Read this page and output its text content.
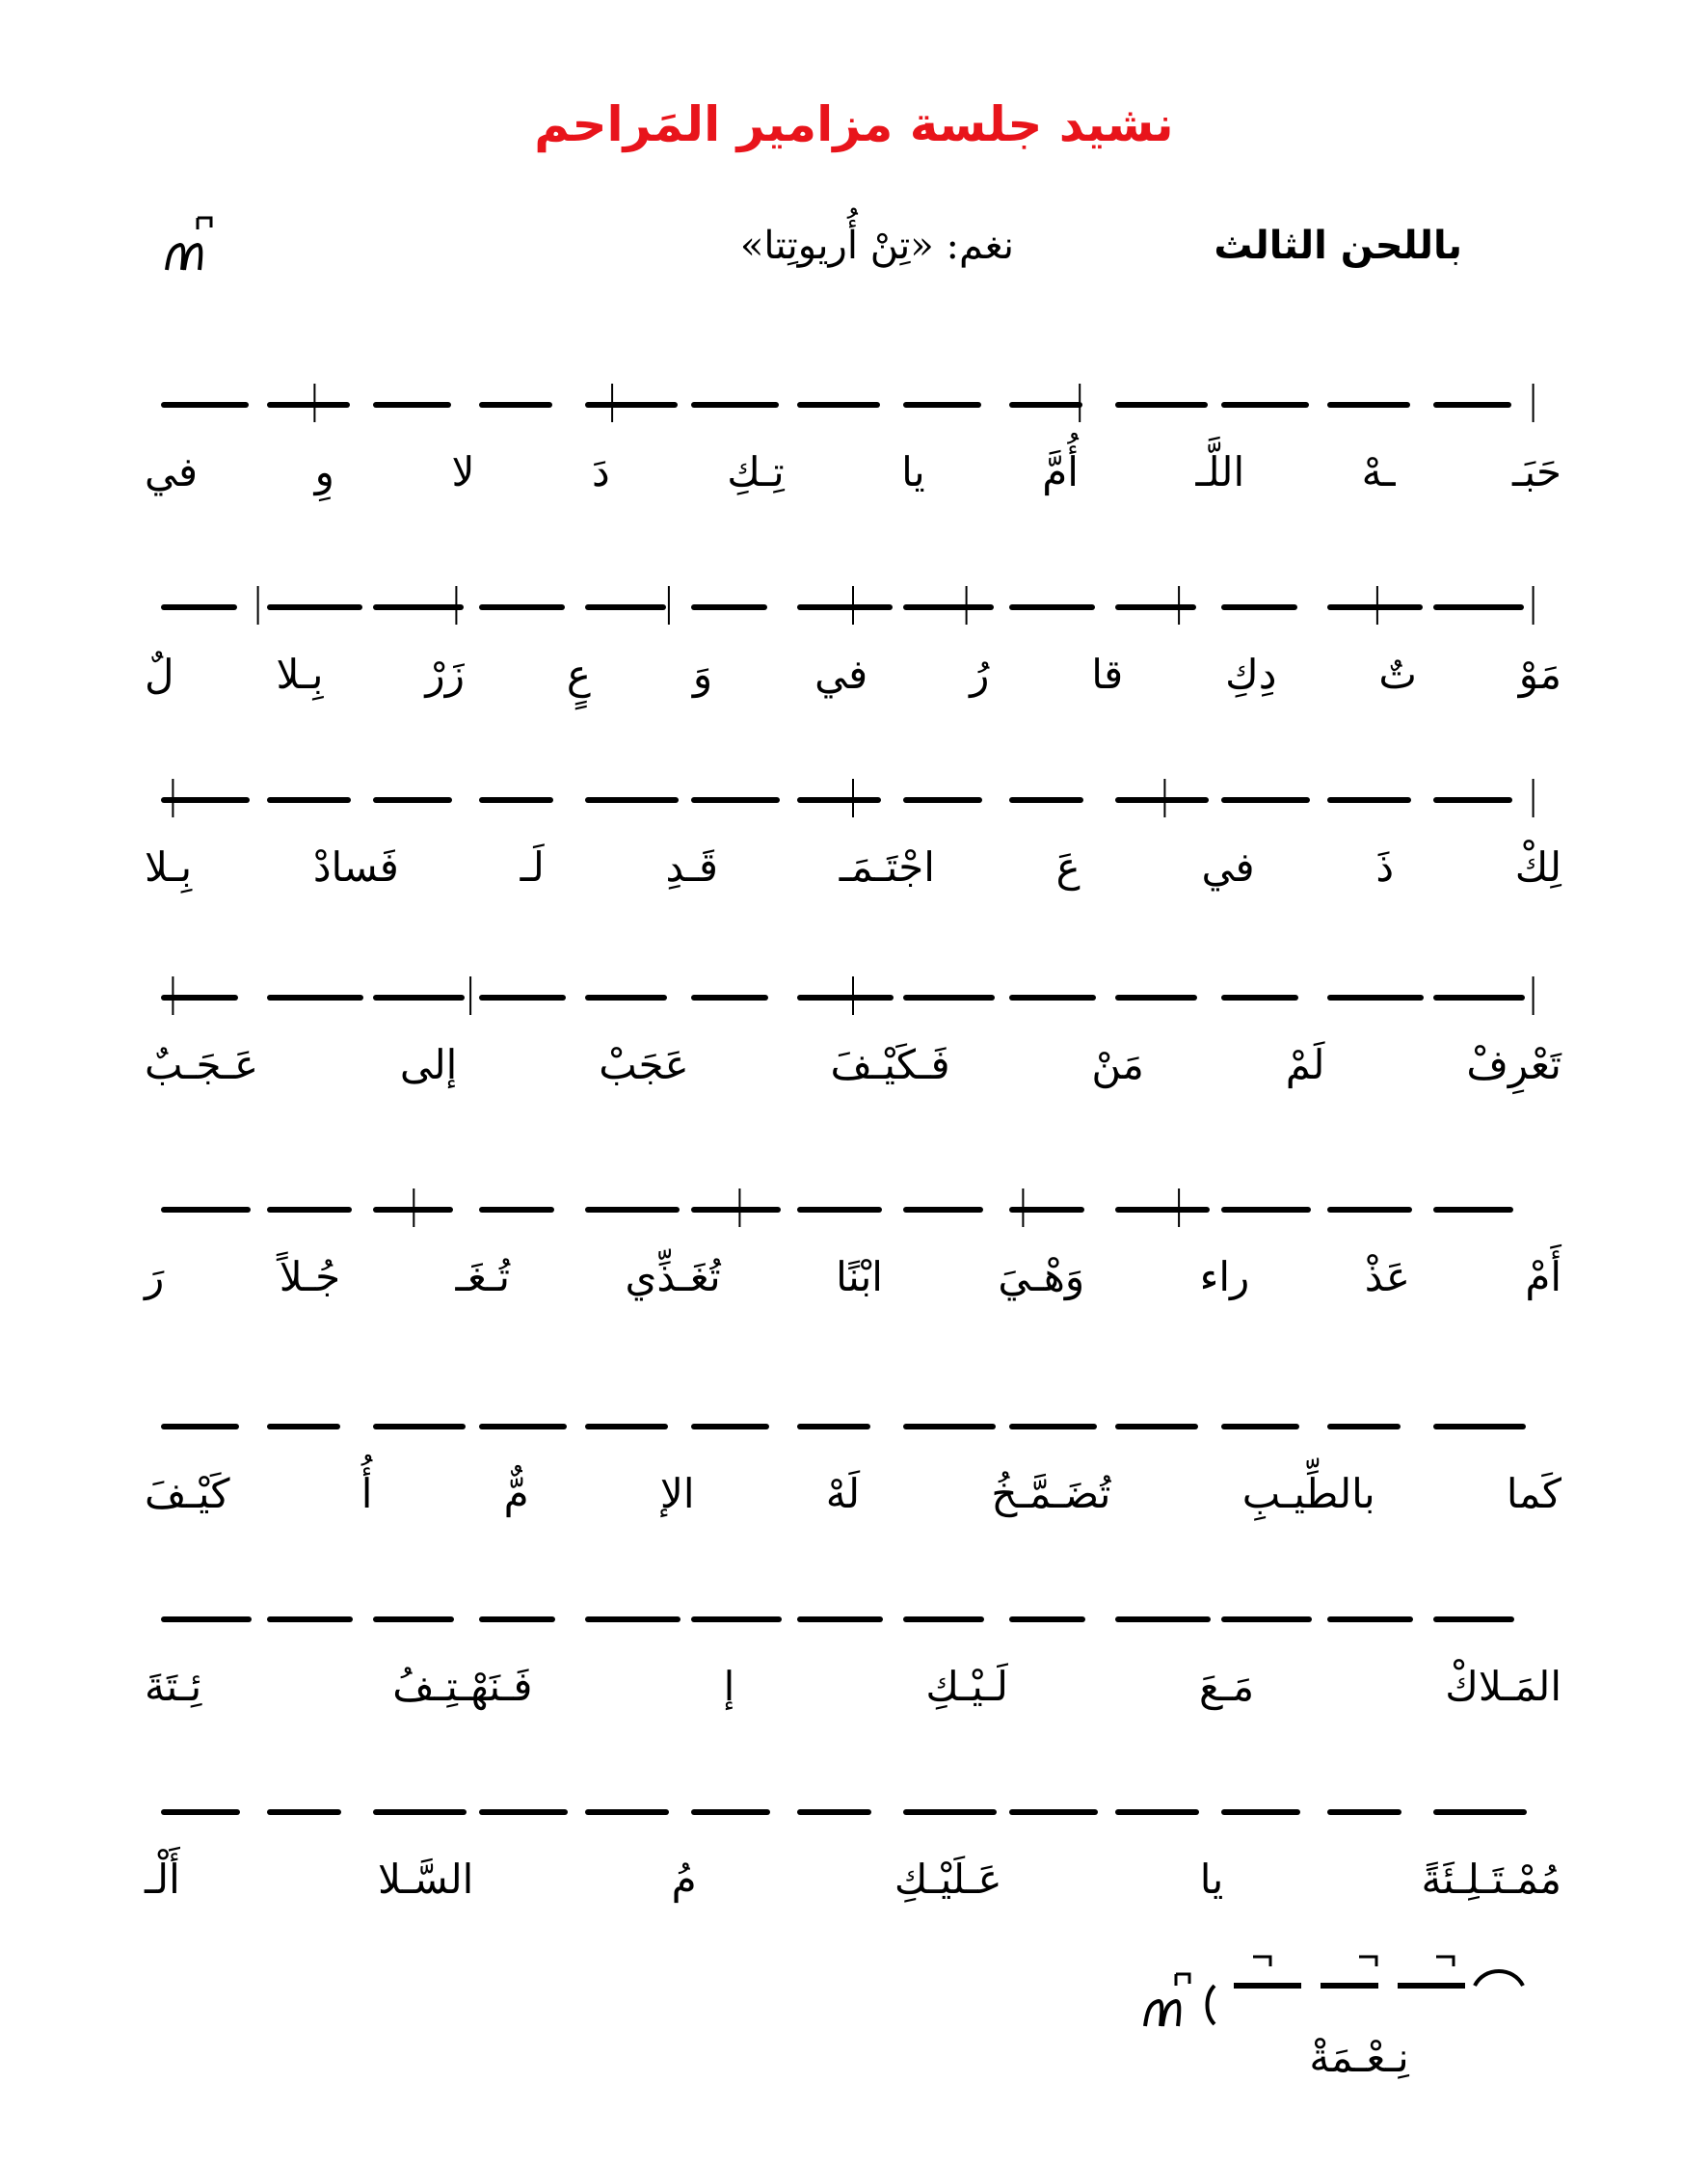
نشيد جلسة مزامير المَراحم
باللحن الثالث
نغم: «تِنْ أُريوتِتا»
حَبَـ ـهْ اللَّـ أُمَّ يا تِـكِ دَ لا وِ في
مَوْ تٌ دِكِ قا رُ في وَ عٍ زَرْ بِـلا لٌ
لِكْ ذَ في عَ اجْتَـمَـ قَـدِ لَـ فَسادْ بِـلا
تَعْرِفْ لَمْ مَنْ فَـكَيْـفَ عَجَبْ إلى عَـجَـبٌ
أَمْ عَذْ راء وَهْـيَ ابْنًا تُغَـذِّي تُـغَـ جُـلاً رَ
كَما بالطِّيـبِ تُضَـمَّـخُ لَهْ الإ مٌّ أُ كَيْـفَ
المَـلاكْ مَـعَ لَـيْـكِ إ فَـنَهْـتِـفُ ئِـتَةَ
مُمْـتَـلِـئَةً يا عَـلَيْـكِ مُ السَّـلا أَلْـ
نِـعْـمَةْ
